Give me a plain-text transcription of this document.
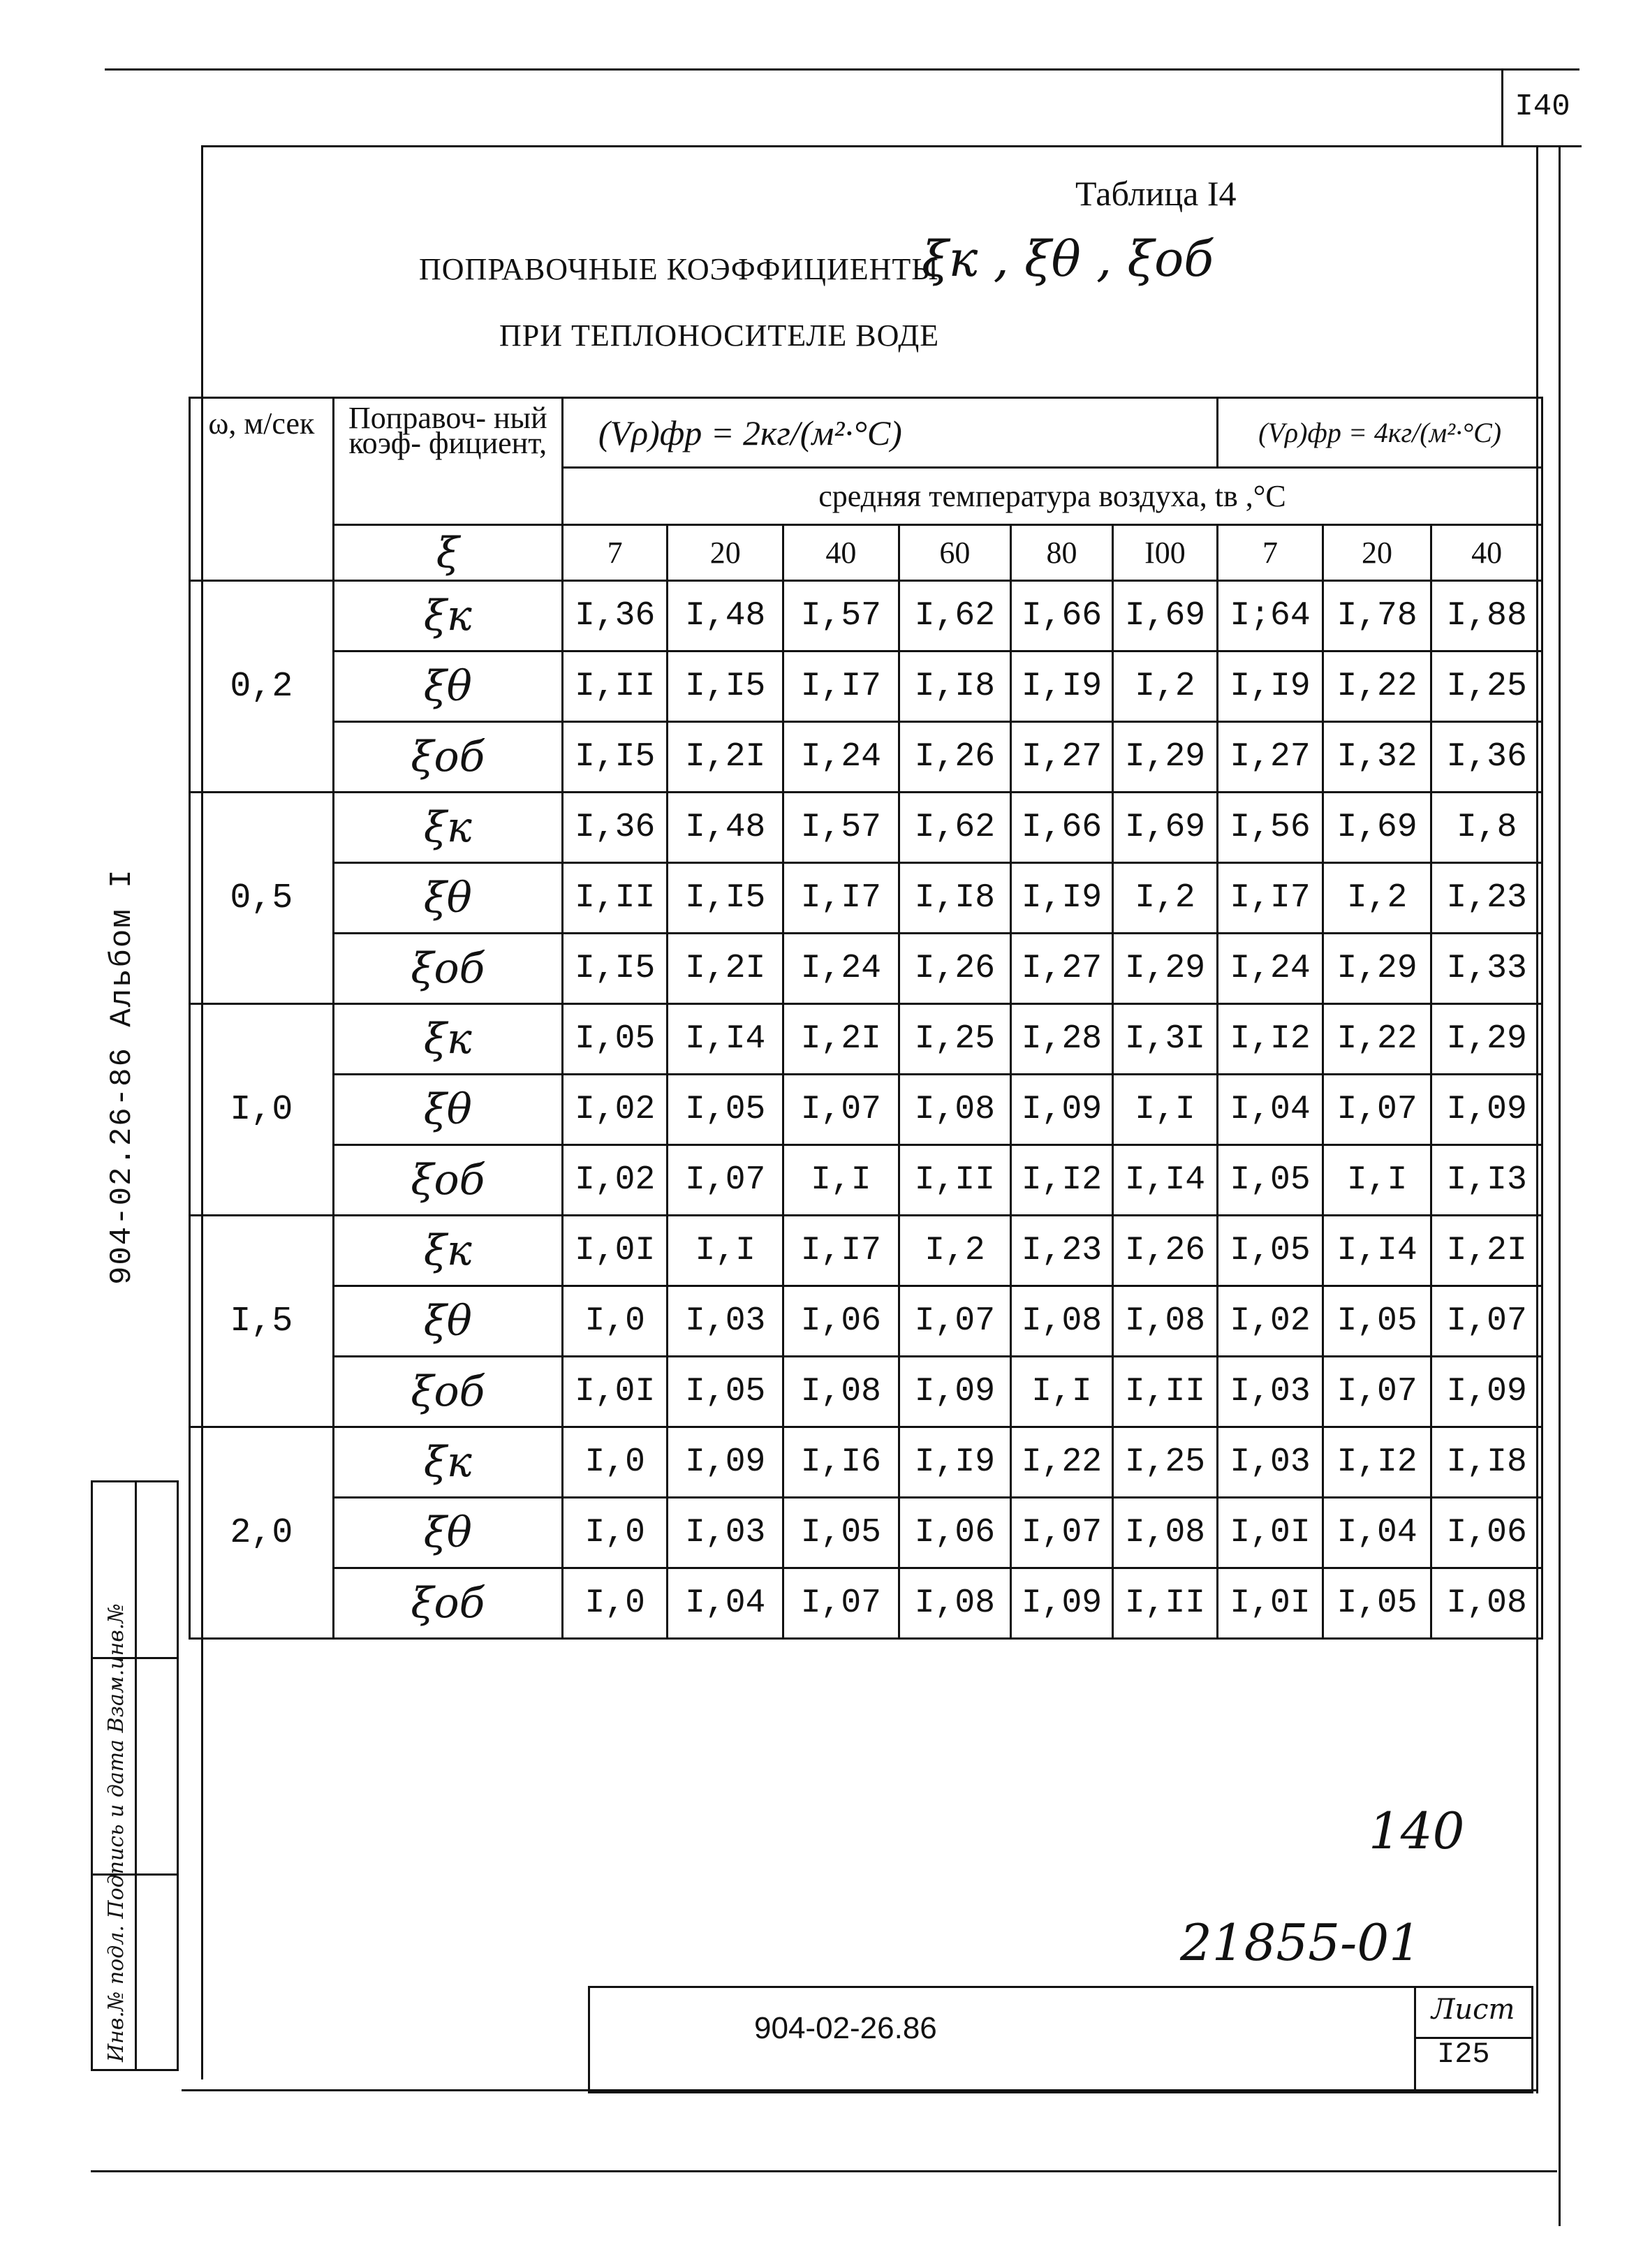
I40
904-02.26-86 Альбом I
Таблица I4
ПОПРАВОЧНЫЕ КОЭФФИЦИЕНТЫ
ξк , ξθ , ξоб
ПРИ ТЕПЛОНОСИТЕЛЕ ВОДЕ
ω, м/сек	Поправоч- ный коэф- фициент,	(Vρ)фр = 2кг/(м²·°С)						(Vρ)фр = 4кг/(м²·°С)		
		средняя температура воздуха, tв ,°С								
	ξ	7	20	40	60	80	I00	7	20	40
0,2	ξк	I,36	I,48	I,57	I,62	I,66	I,69	I;64	I,78	I,88
	ξθ	I,II	I,I5	I,I7	I,I8	I,I9	I,2	I,I9	I,22	I,25
	ξоб	I,I5	I,2I	I,24	I,26	I,27	I,29	I,27	I,32	I,36
0,5	ξк	I,36	I,48	I,57	I,62	I,66	I,69	I,56	I,69	I,8
	ξθ	I,II	I,I5	I,I7	I,I8	I,I9	I,2	I,I7	I,2	I,23
	ξоб	I,I5	I,2I	I,24	I,26	I,27	I,29	I,24	I,29	I,33
I,0	ξк	I,05	I,I4	I,2I	I,25	I,28	I,3I	I,I2	I,22	I,29
	ξθ	I,02	I,05	I,07	I,08	I,09	I,I	I,04	I,07	I,09
	ξоб	I,02	I,07	I,I	I,II	I,I2	I,I4	I,05	I,I	I,I3
I,5	ξк	I,0I	I,I	I,I7	I,2	I,23	I,26	I,05	I,I4	I,2I
	ξθ	I,0	I,03	I,06	I,07	I,08	I,08	I,02	I,05	I,07
	ξоб	I,0I	I,05	I,08	I,09	I,I	I,II	I,03	I,07	I,09
2,0	ξк	I,0	I,09	I,I6	I,I9	I,22	I,25	I,03	I,I2	I,I8
	ξθ	I,0	I,03	I,05	I,06	I,07	I,08	I,0I	I,04	I,06
	ξоб	I,0	I,04	I,07	I,08	I,09	I,II	I,0I	I,05	I,08
140
21855-01
904-02-26.86
Лист
I25
Инв.№ подл. Подпись и дата Взам.инв.№
